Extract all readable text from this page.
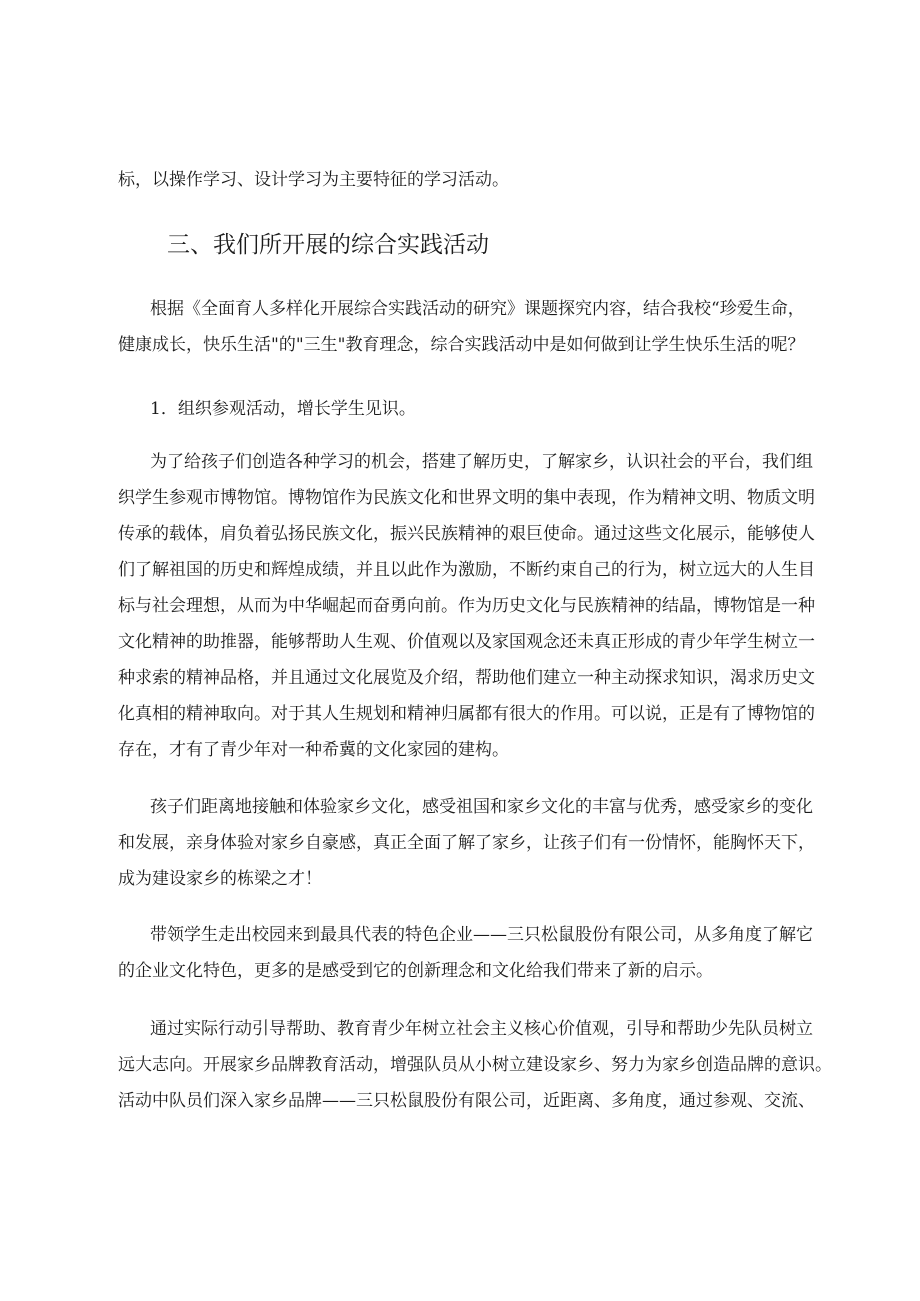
标，以操作学习、设计学习为主要特征的学习活动。
三、我们所开展的综合实践活动
根据《全面育人多样化开展综合实践活动的研究》课题探究内容，结合我校“珍爱生命，
健康成长，快乐生活"的"三生"教育理念，综合实践活动中是如何做到让学生快乐生活的呢？
1．组织参观活动，增长学生见识。
为了给孩子们创造各种学习的机会，搭建了解历史，了解家乡，认识社会的平台，我们组
织学生参观市博物馆。博物馆作为民族文化和世界文明的集中表现，作为精神文明、物质文明
传承的载体，肩负着弘扬民族文化，振兴民族精神的艰巨使命。通过这些文化展示，能够使人
们了解祖国的历史和辉煌成绩，并且以此作为激励，不断约束自己的行为，树立远大的人生目
标与社会理想，从而为中华崛起而奋勇向前。作为历史文化与民族精神的结晶，博物馆是一种
文化精神的助推器，能够帮助人生观、价值观以及家国观念还未真正形成的青少年学生树立一
种求索的精神品格，并且通过文化展览及介绍，帮助他们建立一种主动探求知识，渴求历史文
化真相的精神取向。对于其人生规划和精神归属都有很大的作用。可以说，正是有了博物馆的
存在，才有了青少年对一种希冀的文化家园的建构。
孩子们距离地接触和体验家乡文化，感受祖国和家乡文化的丰富与优秀，感受家乡的变化
和发展，亲身体验对家乡自豪感，真正全面了解了家乡，让孩子们有一份情怀，能胸怀天下，
成为建设家乡的栋梁之才！
带领学生走出校园来到最具代表的特色企业——三只松鼠股份有限公司，从多角度了解它
的企业文化特色，更多的是感受到它的创新理念和文化给我们带来了新的启示。
通过实际行动引导帮助、教育青少年树立社会主义核心价值观，引导和帮助少先队员树立
远大志向。开展家乡品牌教育活动，增强队员从小树立建设家乡、努力为家乡创造品牌的意识。
活动中队员们深入家乡品牌——三只松鼠股份有限公司，近距离、多角度，通过参观、交流、
